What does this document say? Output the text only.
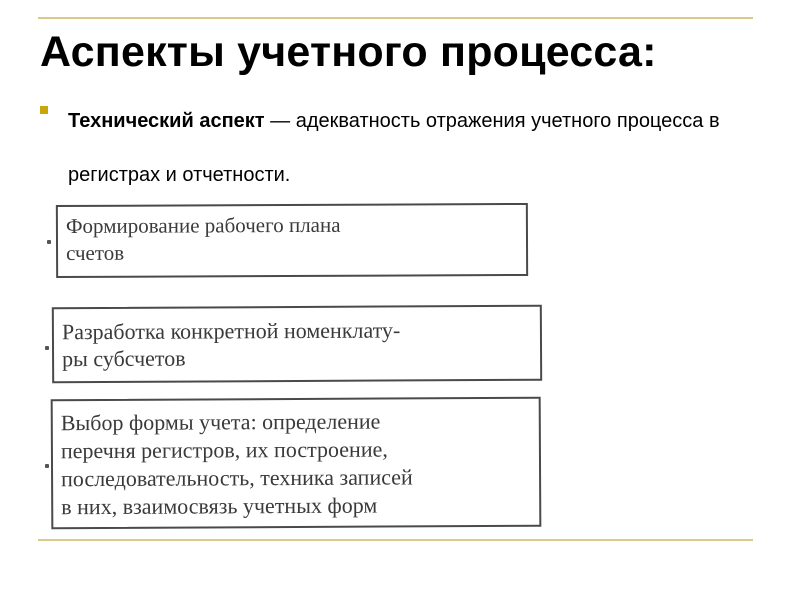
Аспекты учетного процесса:

Технический аспект — адекватность отражения учетного процесса в регистрах и отчетности.

Формирование рабочего плана
счетов
Разработка конкретной номенклату-
ры субсчетов
Выбор формы учета: определение
перечня регистров, их построение,
последовательность, техника записей
в них, взаимосвязь учетных форм
